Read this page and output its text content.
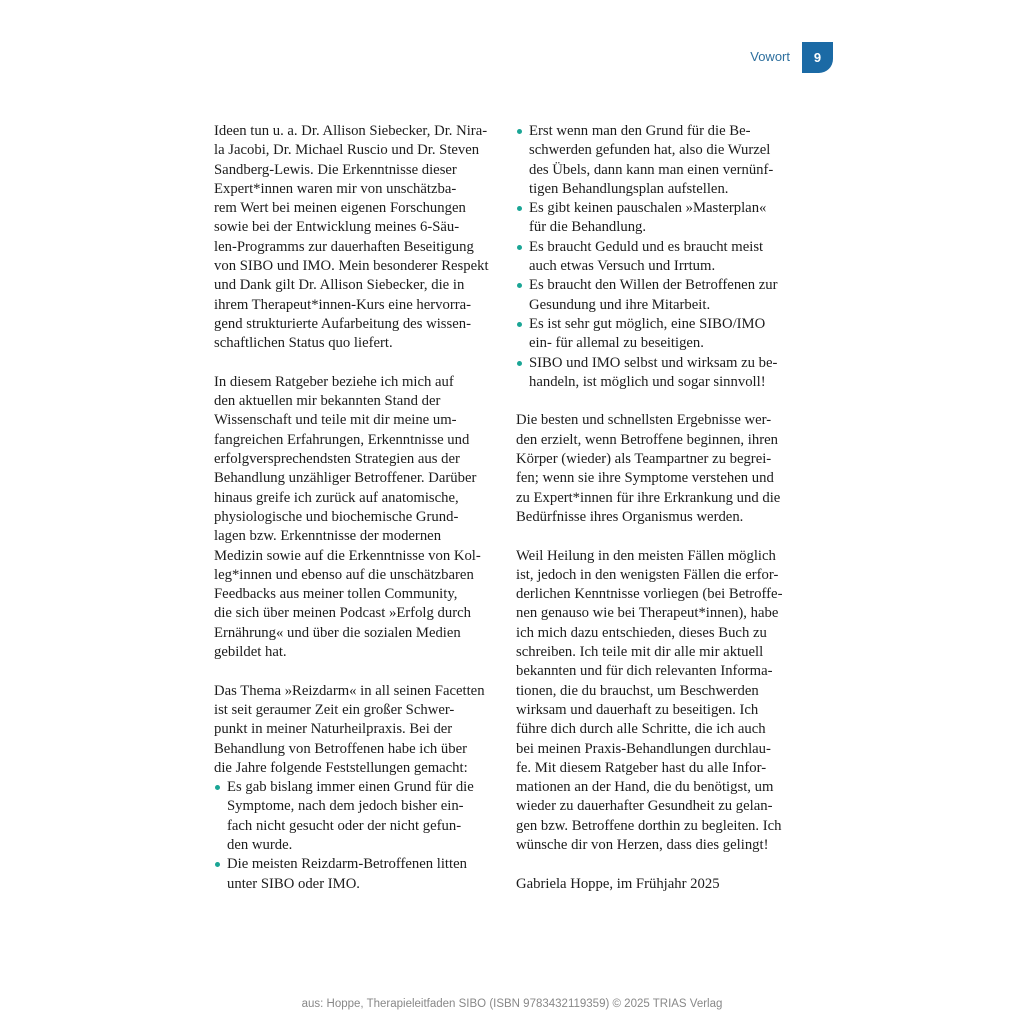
Vowort	9
Ideen tun u. a. Dr. Allison Siebecker, Dr. Nira-
la Jacobi, Dr. Michael Ruscio und Dr. Steven
Sandberg-Lewis. Die Erkenntnisse dieser
Expert*innen waren mir von unschätzba-
rem Wert bei meinen eigenen Forschungen
sowie bei der Entwicklung meines 6-Säu-
len-Programms zur dauerhaften Beseitigung
von SIBO und IMO. Mein besonderer Respekt
und Dank gilt Dr. Allison Siebecker, die in
ihrem Therapeut*innen-Kurs eine hervorra-
gend strukturierte Aufarbeitung des wissen-
schaftlichen Status quo liefert.
In diesem Ratgeber beziehe ich mich auf
den aktuellen mir bekannten Stand der
Wissenschaft und teile mit dir meine um-
fangreichen Erfahrungen, Erkenntnisse und
erfolgversprechendsten Strategien aus der
Behandlung unzähliger Betroffener. Darüber
hinaus greife ich zurück auf anatomische,
physiologische und biochemische Grund-
lagen bzw. Erkenntnisse der modernen
Medizin sowie auf die Erkenntnisse von Kol-
leg*innen und ebenso auf die unschätzbaren
Feedbacks aus meiner tollen Community,
die sich über meinen Podcast »Erfolg durch
Ernährung« und über die sozialen Medien
gebildet hat.
Das Thema »Reizdarm« in all seinen Facetten
ist seit geraumer Zeit ein großer Schwer-
punkt in meiner Naturheilpraxis. Bei der
Behandlung von Betroffenen habe ich über
die Jahre folgende Feststellungen gemacht:
Es gab bislang immer einen Grund für die
Symptome, nach dem jedoch bisher ein-
fach nicht gesucht oder der nicht gefun-
den wurde.
Die meisten Reizdarm-Betroffenen litten
unter SIBO oder IMO.
Erst wenn man den Grund für die Be-
schwerden gefunden hat, also die Wurzel
des Übels, dann kann man einen vernünf-
tigen Behandlungsplan aufstellen.
Es gibt keinen pauschalen »Masterplan«
für die Behandlung.
Es braucht Geduld und es braucht meist
auch etwas Versuch und Irrtum.
Es braucht den Willen der Betroffenen zur
Gesundung und ihre Mitarbeit.
Es ist sehr gut möglich, eine SIBO/IMO
ein- für allemal zu beseitigen.
SIBO und IMO selbst und wirksam zu be-
handeln, ist möglich und sogar sinnvoll!
Die besten und schnellsten Ergebnisse wer-
den erzielt, wenn Betroffene beginnen, ihren
Körper (wieder) als Teampartner zu begrei-
fen; wenn sie ihre Symptome verstehen und
zu Expert*innen für ihre Erkrankung und die
Bedürfnisse ihres Organismus werden.
Weil Heilung in den meisten Fällen möglich
ist, jedoch in den wenigsten Fällen die erfor-
derlichen Kenntnisse vorliegen (bei Betroffe-
nen genauso wie bei Therapeut*innen), habe
ich mich dazu entschieden, dieses Buch zu
schreiben. Ich teile mit dir alle mir aktuell
bekannten und für dich relevanten Informa-
tionen, die du brauchst, um Beschwerden
wirksam und dauerhaft zu beseitigen. Ich
führe dich durch alle Schritte, die ich auch
bei meinen Praxis-Behandlungen durchlau-
fe. Mit diesem Ratgeber hast du alle Infor-
mationen an der Hand, die du benötigst, um
wieder zu dauerhafter Gesundheit zu gelan-
gen bzw. Betroffene dorthin zu begleiten. Ich
wünsche dir von Herzen, dass dies gelingt!
Gabriela Hoppe, im Frühjahr 2025
aus: Hoppe, Therapieleitfaden SIBO (ISBN 9783432119359) © 2025 TRIAS Verlag
